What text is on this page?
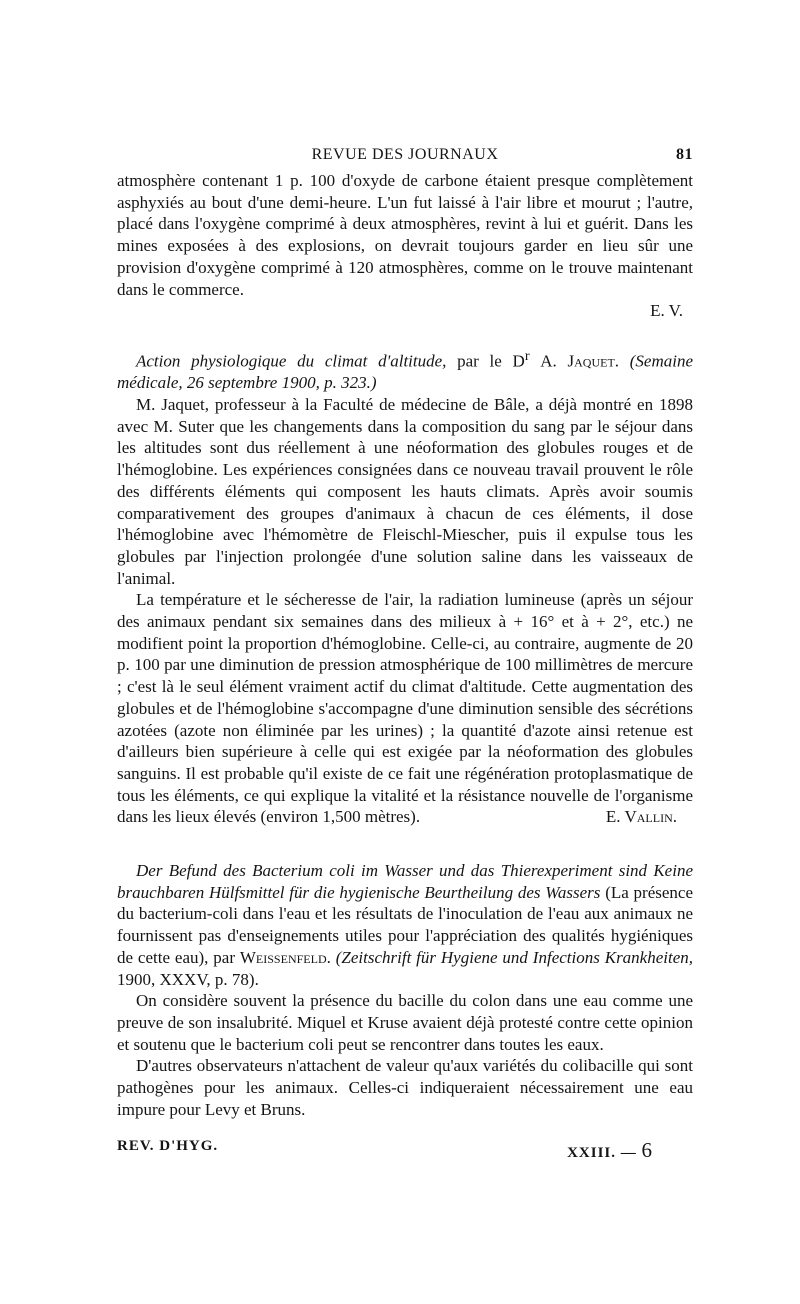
REVUE DES JOURNAUX	81

atmosphère contenant 1 p. 100 d'oxyde de carbone étaient presque complètement asphyxiés au bout d'une demi-heure. L'un fut laissé à l'air libre et mourut ; l'autre, placé dans l'oxygène comprimé à deux atmosphères, revint à lui et guérit. Dans les mines exposées à des explosions, on devrait toujours garder en lieu sûr une provision d'oxygène comprimé à 120 atmosphères, comme on le trouve maintenant dans le commerce.
E. V.

Action physiologique du climat d'altitude, par le $D^r$ A. Jaquet. (Semaine médicale, 26 septembre 1900, p. 323.)

M. Jaquet, professeur à la Faculté de médecine de Bâle, a déjà montré en 1898 avec M. Suter que les changements dans la composition du sang par le séjour dans les altitudes sont dus réellement à une néoformation des globules rouges et de l'hémoglobine. Les expériences consignées dans ce nouveau travail prouvent le rôle des différents éléments qui composent les hauts climats. Après avoir soumis comparativement des groupes d'animaux à chacun de ces éléments, il dose l'hémoglobine avec l'hémomètre de Fleischl-Miescher, puis il expulse tous les globules par l'injection prolongée d'une solution saline dans les vaisseaux de l'animal.

La température et le sécheresse de l'air, la radiation lumineuse (après un séjour des animaux pendant six semaines dans des milieux à + 16° et à + 2°, etc.) ne modifient point la proportion d'hémoglobine. Celle-ci, au contraire, augmente de 20 p. 100 par une diminution de pression atmosphérique de 100 millimètres de mercure ; c'est là le seul élément vraiment actif du climat d'altitude. Cette augmentation des globules et de l'hémoglobine s'accompagne d'une diminution sensible des sécrétions azotées (azote non éliminée par les urines) ; la quantité d'azote ainsi retenue est d'ailleurs bien supérieure à celle qui est exigée par la néoformation des globules sanguins. Il est probable qu'il existe de ce fait une régénération protoplasmatique de tous les éléments, ce qui explique la vitalité et la résistance nouvelle de l'organisme dans les lieux élevés (environ 1,500 mètres).	E. Vallin.

Der Befund des Bacterium coli im Wasser und das Thierexperiment sind Keine brauchbaren Hülfsmittel für die hygienische Beurtheilung des Wassers (La présence du bacterium-coli dans l'eau et les résultats de l'inoculation de l'eau aux animaux ne fournissent pas d'enseignements utiles pour l'appréciation des qualités hygiéniques de cette eau), par Weissenfeld. (Zeitschrift für Hygiene und Infections Krankheiten, 1900, XXXV, p. 78).

On considère souvent la présence du bacille du colon dans une eau comme une preuve de son insalubrité. Miquel et Kruse avaient déjà protesté contre cette opinion et soutenu que le bacterium coli peut se rencontrer dans toutes les eaux.

D'autres observateurs n'attachent de valeur qu'aux variétés du colibacille qui sont pathogènes pour les animaux. Celles-ci indiqueraient nécessairement une eau impure pour Levy et Bruns.

REV. D'HYG.	XXIII. — 6
